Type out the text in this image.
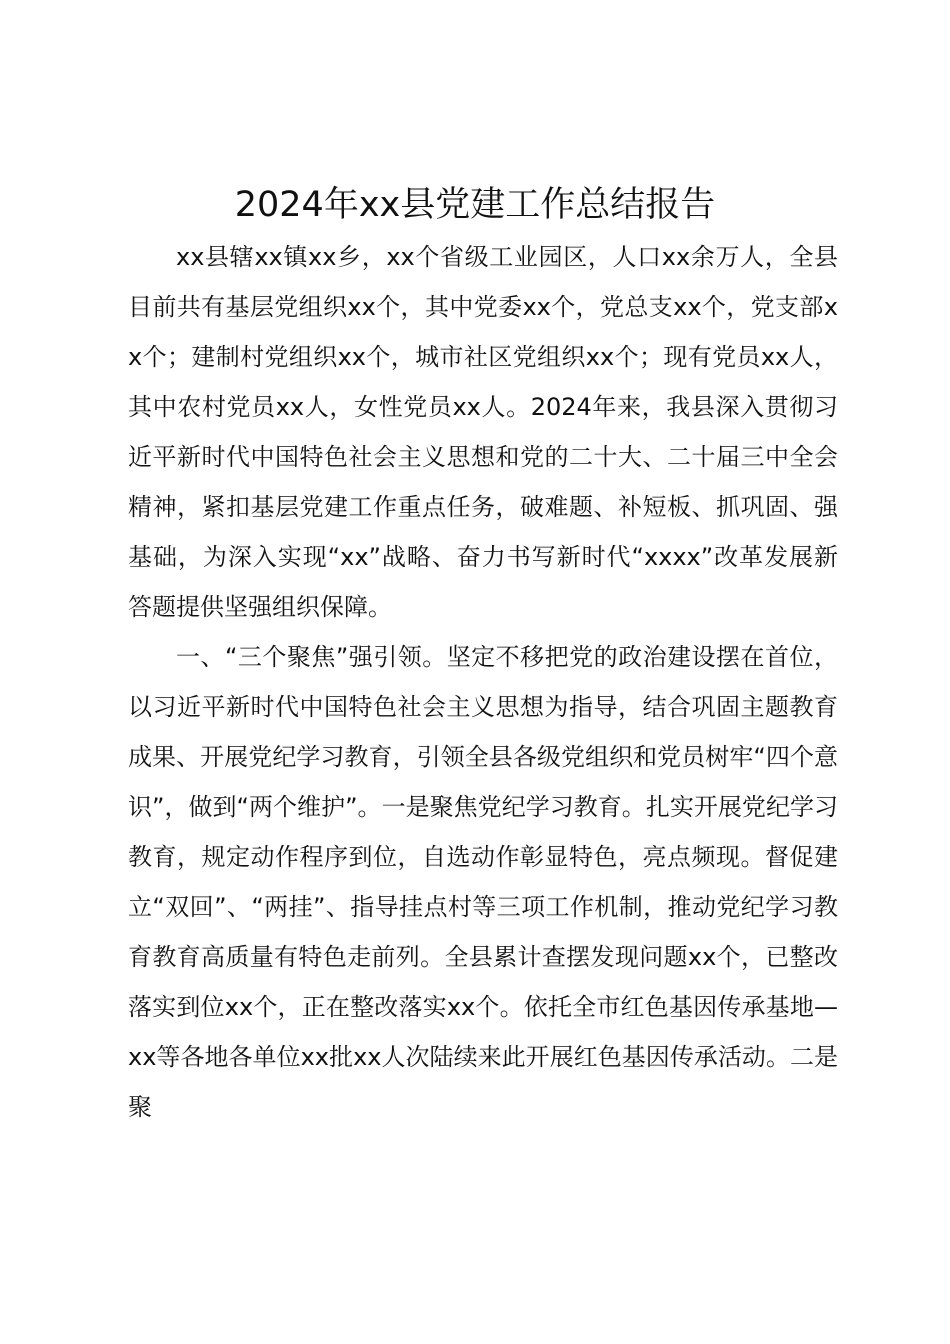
2024年xx县党建工作总结报告

xx县辖xx镇xx乡，xx个省级工业园区，人口xx余万人，全县目前共有基层党组织xx个，其中党委xx个，党总支xx个，党支部xx个；建制村党组织xx个，城市社区党组织xx个；现有党员xx人，其中农村党员xx人，女性党员xx人。2024年来，我县深入贯彻习近平新时代中国特色社会主义思想和党的二十大、二十届三中全会精神，紧扣基层党建工作重点任务，破难题、补短板、抓巩固、强基础，为深入实现“xx”战略、奋力书写新时代“xxxx”改革发展新答题提供坚强组织保障。

一、“三个聚焦”强引领。坚定不移把党的政治建设摆在首位，以习近平新时代中国特色社会主义思想为指导，结合巩固主题教育成果、开展党纪学习教育，引领全县各级党组织和党员树牢“四个意识”，做到“两个维护”。一是聚焦党纪学习教育。扎实开展党纪学习教育，规定动作程序到位，自选动作彰显特色，亮点频现。督促建立“双回”、“两挂”、指导挂点村等三项工作机制，推动党纪学习教育教育高质量有特色走前列。全县累计查摆发现问题xx个，已整改落实到位xx个，正在整改落实xx个。依托全市红色基因传承基地—xx等各地各单位xx批xx人次陆续来此开展红色基因传承活动。二是聚
